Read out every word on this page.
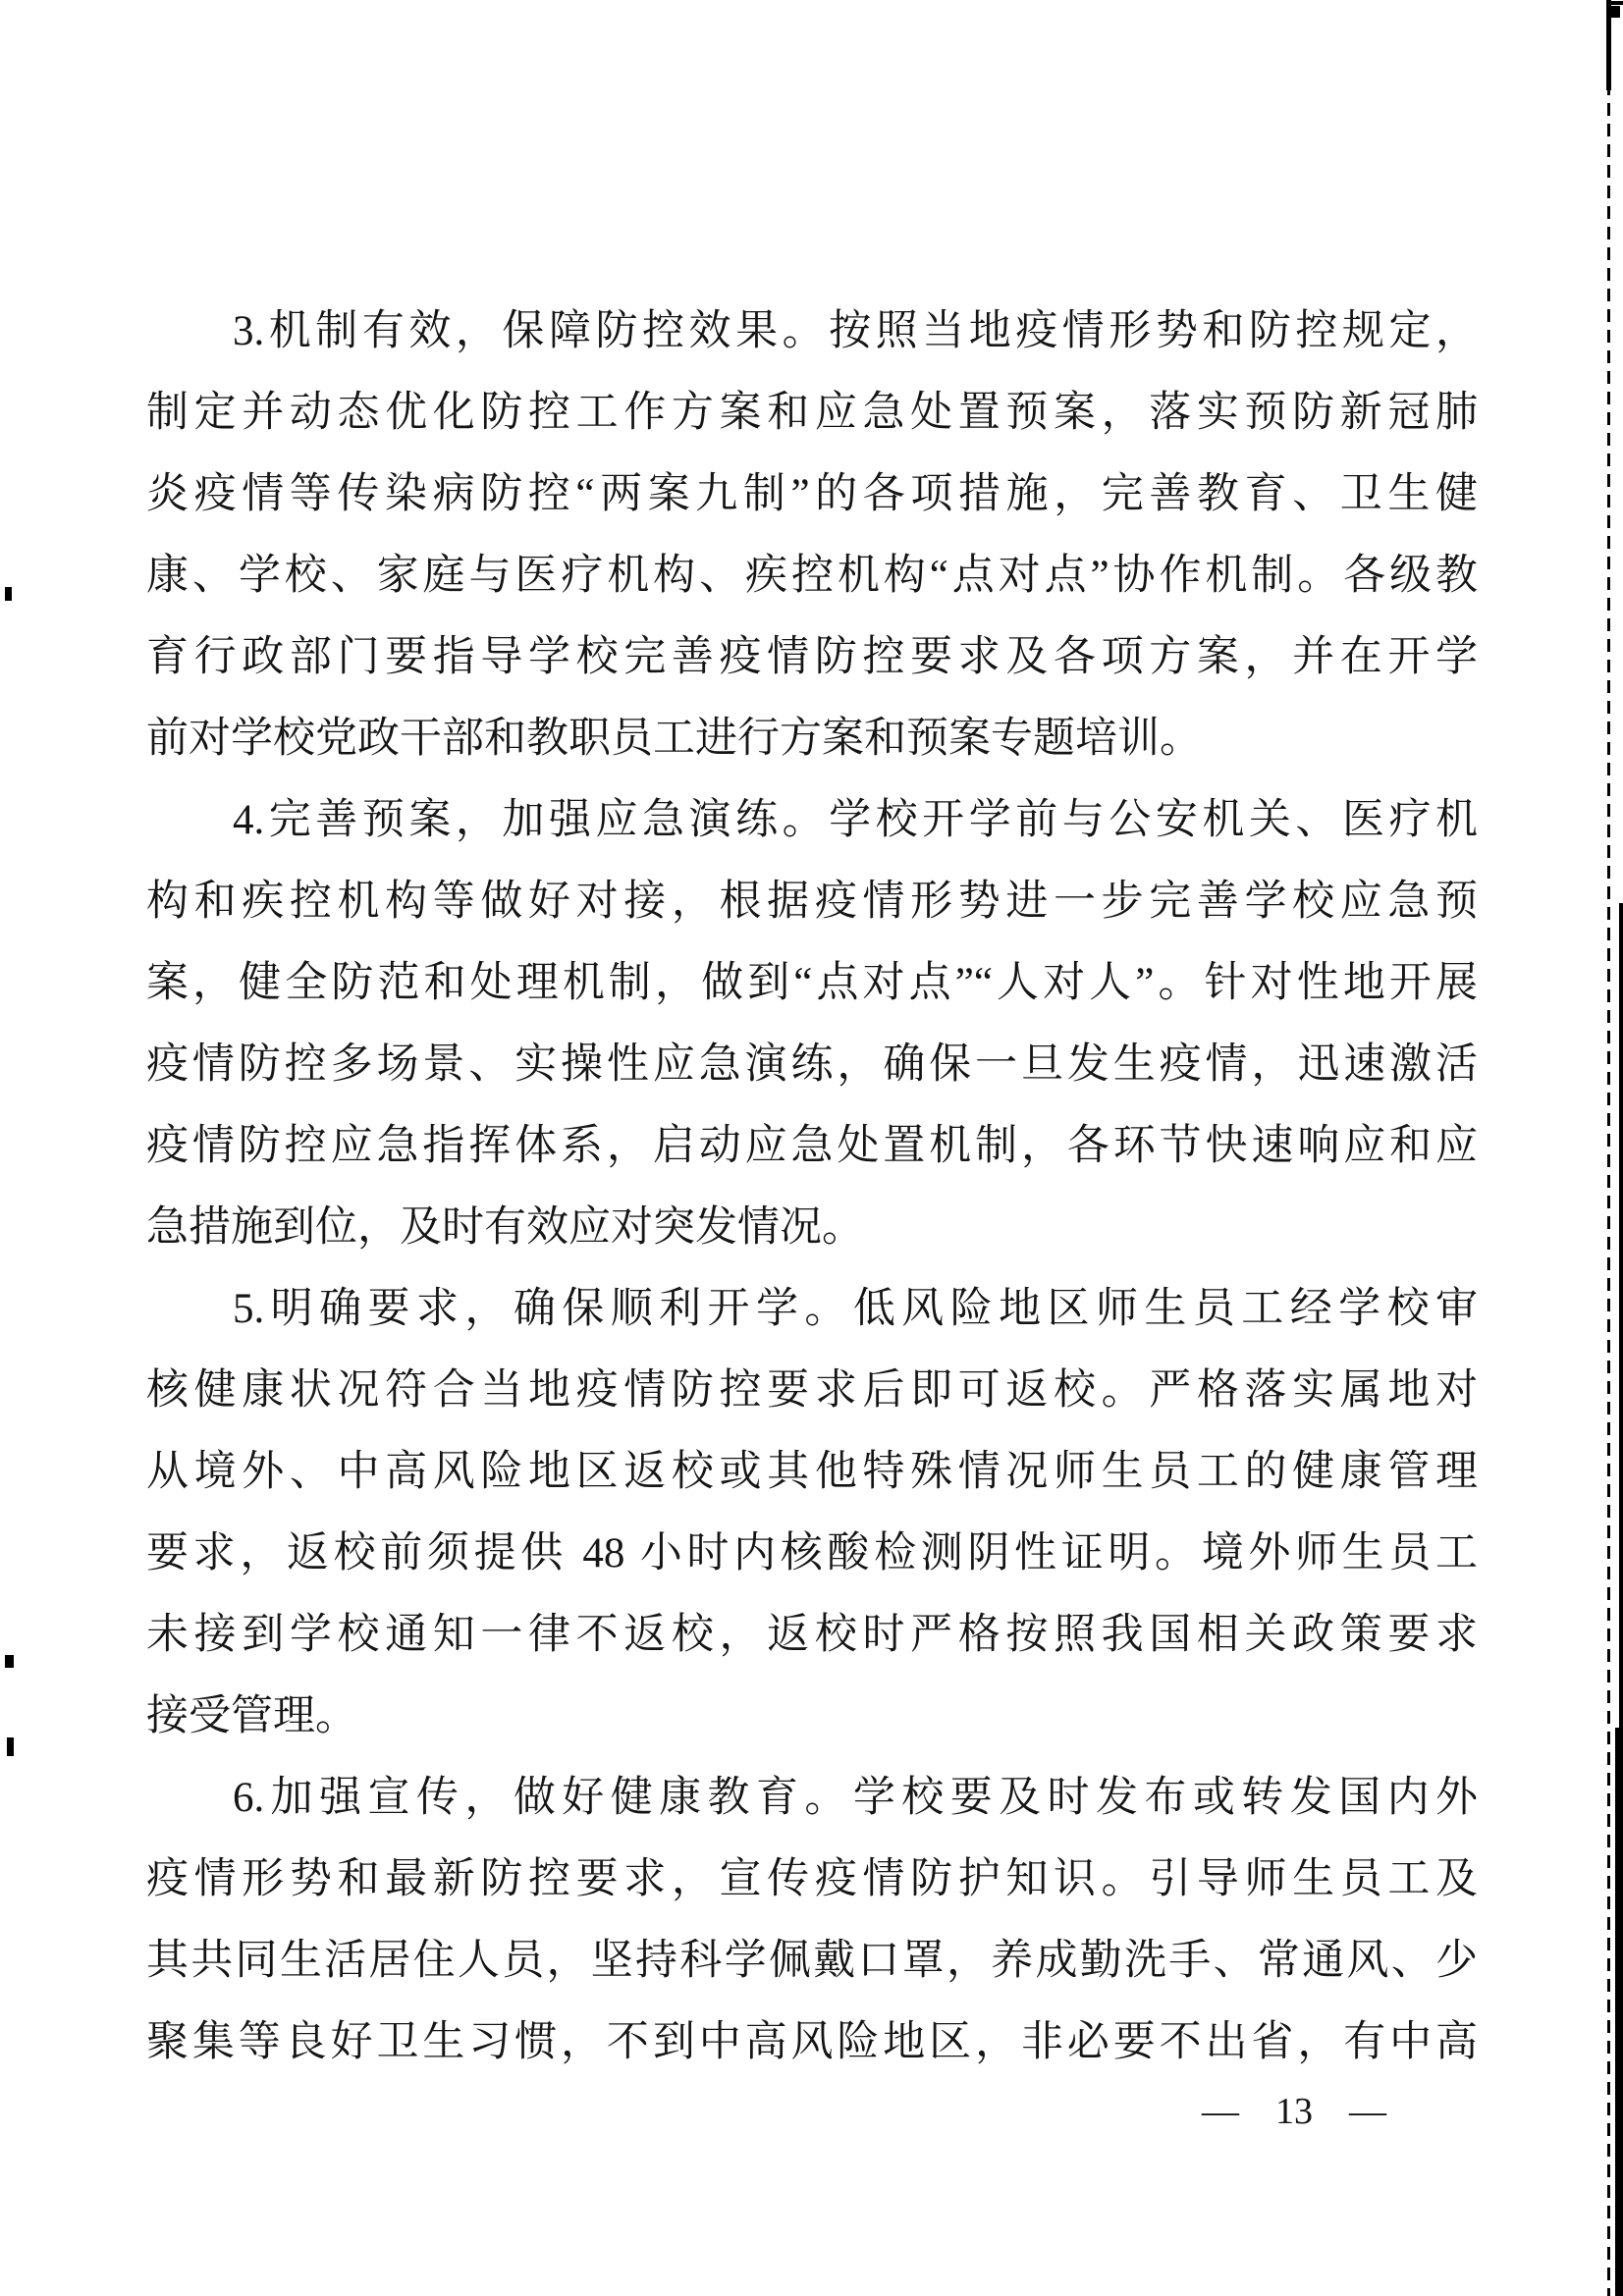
3.机制有效，保障防控效果。按照当地疫情形势和防控规定，
制定并动态优化防控工作方案和应急处置预案，落实预防新冠肺
炎疫情等传染病防控“两案九制”的各项措施，完善教育、卫生健
康、学校、家庭与医疗机构、疾控机构“点对点”协作机制。各级教
育行政部门要指导学校完善疫情防控要求及各项方案，并在开学
前对学校党政干部和教职员工进行方案和预案专题培训。
4.完善预案，加强应急演练。学校开学前与公安机关、医疗机
构和疾控机构等做好对接，根据疫情形势进一步完善学校应急预
案，健全防范和处理机制，做到“点对点”“人对人”。针对性地开展
疫情防控多场景、实操性应急演练，确保一旦发生疫情，迅速激活
疫情防控应急指挥体系，启动应急处置机制，各环节快速响应和应
急措施到位，及时有效应对突发情况。
5.明确要求，确保顺利开学。低风险地区师生员工经学校审
核健康状况符合当地疫情防控要求后即可返校。严格落实属地对
从境外、中高风险地区返校或其他特殊情况师生员工的健康管理
要求，返校前须提供 48 小时内核酸检测阴性证明。境外师生员工
未接到学校通知一律不返校，返校时严格按照我国相关政策要求
接受管理。
6.加强宣传，做好健康教育。学校要及时发布或转发国内外
疫情形势和最新防控要求，宣传疫情防护知识。引导师生员工及
其共同生活居住人员，坚持科学佩戴口罩，养成勤洗手、常通风、少
聚集等良好卫生习惯，不到中高风险地区，非必要不出省，有中高
— 13 —
